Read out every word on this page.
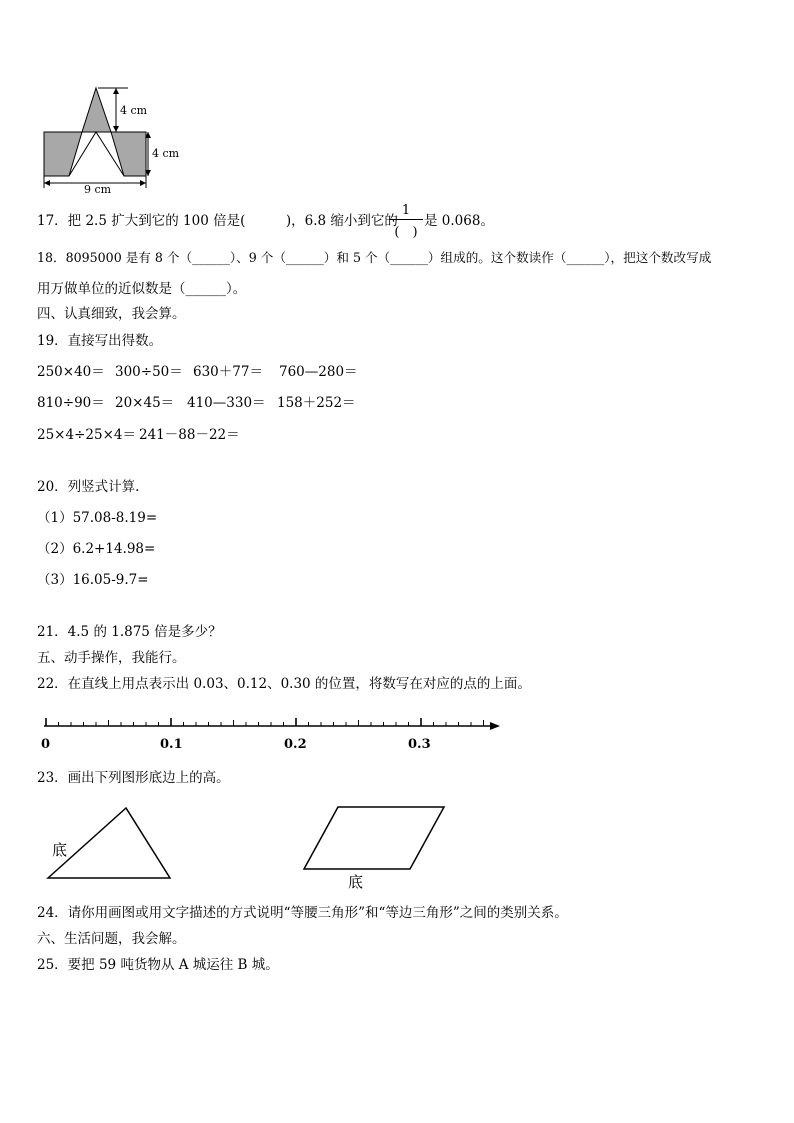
4 cm
4 cm
9 cm
17．把 2.5 扩大到它的 100 倍是(　　　)，6.8 缩小到它的
1
(　)
是 0.068。
18．8095000 是有 8 个（______）、9 个（______）和 5 个（______）组成的。这个数读作（______），把这个数改写成
用万做单位的近似数是（______）。
四、认真细致，我会算。
19．直接写出得数。
250×40＝ 300÷50＝ 630＋77＝ 760—280＝
810÷90＝ 20×45＝ 410—330＝ 158＋252＝
25×4÷25×4＝ 241－88－22＝
20．列竖式计算.
（1）57.08-8.19=
（2）6.2+14.98=
（3）16.05-9.7=
21．4.5 的 1.875 倍是多少？
五、动手操作，我能行。
22．在直线上用点表示出 0.03、0.12、0.30 的位置，将数写在对应的点的上面。
0	0.1	0.2	0.3
23．画出下列图形底边上的高。
底
底
24．请你用画图或用文字描述的方式说明“等腰三角形”和“等边三角形”之间的类别关系。
六、生活问题，我会解。
25．要把 59 吨货物从 A 城运往 B 城。
